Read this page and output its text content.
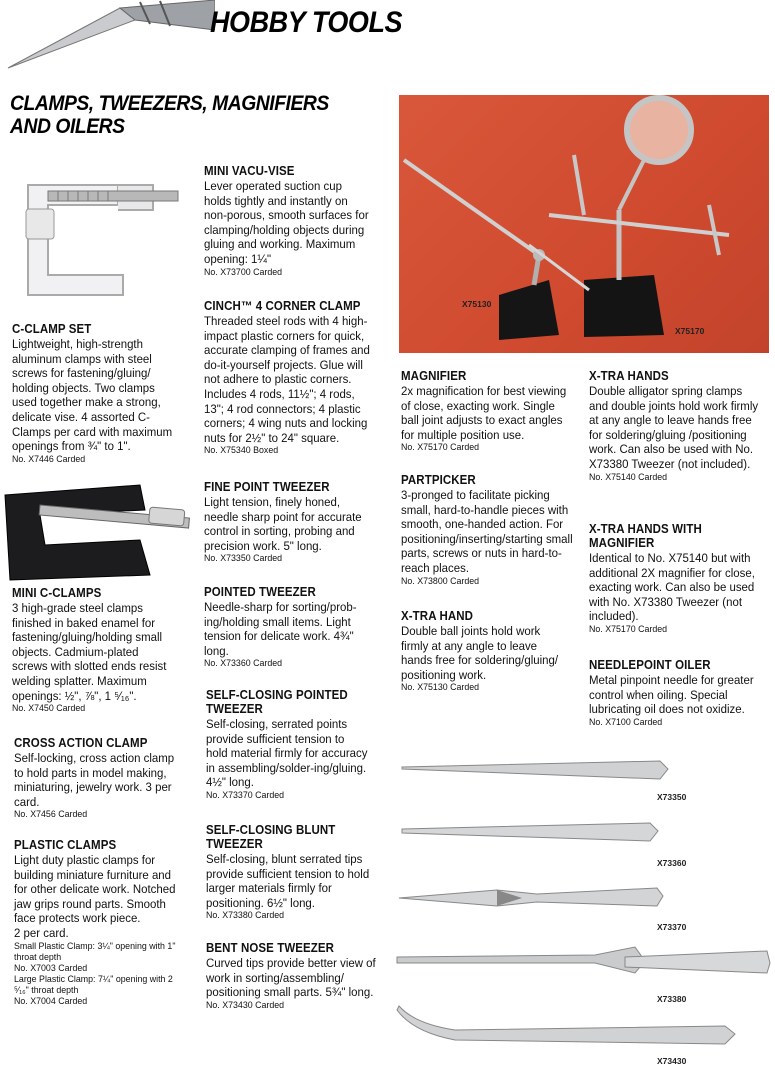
HOBBY TOOLS
CLAMPS, TWEEZERS, MAGNIFIERS
AND OILERS
C-CLAMP SET
Lightweight, high-strength aluminum clamps with steel screws for fastening/gluing/ holding objects. Two clamps used together make a strong, delicate vise. 4 assorted C-Clamps per card with maximum openings from ¾" to 1".
No. X7446 Carded
MINI C-CLAMPS
3 high-grade steel clamps finished in baked enamel for fastening/gluing/holding small objects. Cadmium-plated screws with slotted ends resist welding splatter. Maximum openings: ½", ⅞", 1 ⁵⁄₁₆".
No. X7450 Carded
CROSS ACTION CLAMP
Self-locking, cross action clamp to hold parts in model making, miniaturing, jewelry work. 3 per card.
No. X7456 Carded
PLASTIC CLAMPS
Light duty plastic clamps for building miniature furniture and for other delicate work. Notched jaw grips round parts. Smooth face protects work piece.
2 per card.
Small Plastic Clamp: 3¼" opening with 1" throat depth
No. X7003 Carded
Large Plastic Clamp: 7¼" opening with 2 ⁵⁄₁₆" throat depth
No. X7004 Carded
MINI VACU-VISE
Lever operated suction cup holds tightly and instantly on non-porous, smooth surfaces for clamping/holding objects during gluing and working. Maximum opening: 1¼"
No. X73700 Carded
CINCH™ 4 CORNER CLAMP
Threaded steel rods with 4 high-impact plastic corners for quick, accurate clamping of frames and do-it-yourself projects. Glue will not adhere to plastic corners. Includes 4 rods, 11½"; 4 rods, 13"; 4 rod connectors; 4 plastic corners; 4 wing nuts and locking nuts for 2½" to 24" square.
No. X75340 Boxed
FINE POINT TWEEZER
Light tension, finely honed, needle sharp point for accurate control in sorting, probing and precision work. 5" long.
No. X73350 Carded
POINTED TWEEZER
Needle-sharp for sorting/prob-ing/holding small items. Light tension for delicate work. 4¾" long.
No. X73360 Carded
SELF-CLOSING POINTED TWEEZER
Self-closing, serrated points provide sufficient tension to hold material firmly for accuracy in assembling/solder-ing/gluing. 4½" long.
No. X73370 Carded
SELF-CLOSING BLUNT TWEEZER
Self-closing, blunt serrated tips provide sufficient tension to hold larger materials firmly for positioning. 6½" long.
No. X73380 Carded
BENT NOSE TWEEZER
Curved tips provide better view of work in sorting/assembling/ positioning small parts. 5¾" long.
No. X73430 Carded
X75130
X75170
MAGNIFIER
2x magnification for best viewing of close, exacting work. Single ball joint adjusts to exact angles for multiple position use.
No. X75170 Carded
PARTPICKER
3-pronged to facilitate picking small, hard-to-handle pieces with smooth, one-handed action. For positioning/inserting/starting small parts, screws or nuts in hard-to-reach places.
No. X73800 Carded
X-TRA HAND
Double ball joints hold work firmly at any angle to leave hands free for soldering/gluing/ positioning work.
No. X75130 Carded
X-TRA HANDS
Double alligator spring clamps and double joints hold work firmly at any angle to leave hands free for soldering/gluing /positioning work. Can also be used with No. X73380 Tweezer (not included).
No. X75140 Carded
X-TRA HANDS WITH MAGNIFIER
Identical to No. X75140 but with additional 2X magnifier for close, exacting work. Can also be used with No. X73380 Tweezer (not included).
No. X75170 Carded
NEEDLEPOINT OILER
Metal pinpoint needle for greater control when oiling. Special lubricating oil does not oxidize.
No. X7100 Carded
X73350
X73360
X73370
X73380
X73430
